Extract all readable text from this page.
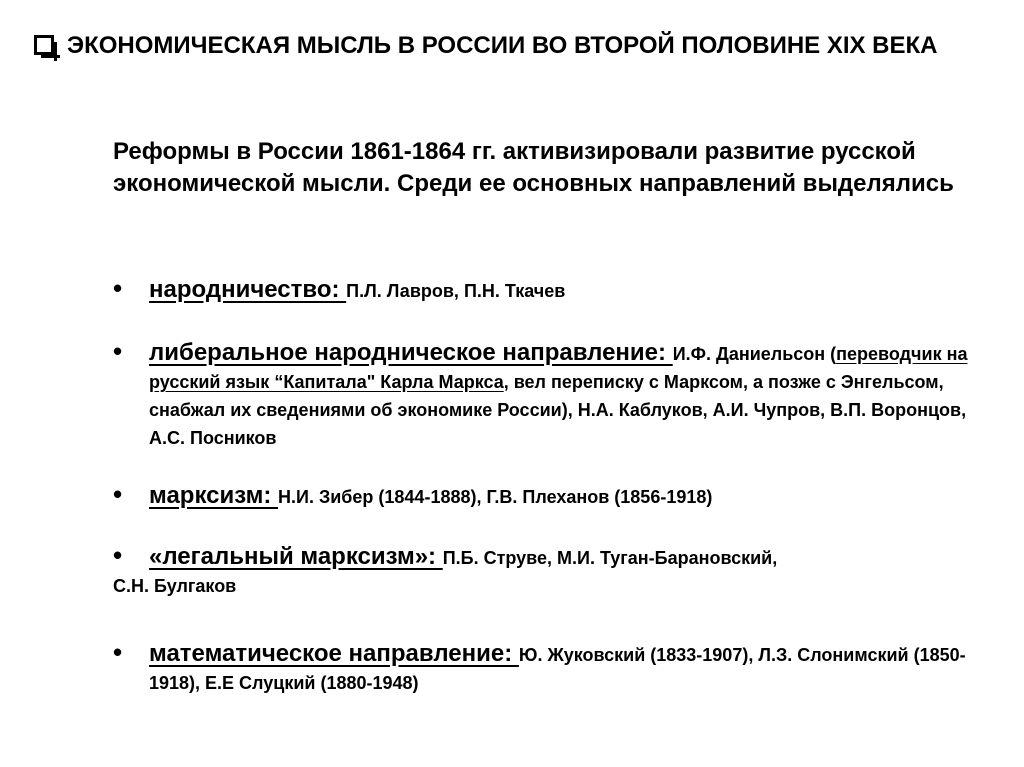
ЭКОНОМИЧЕСКАЯ МЫСЛЬ В РОССИИ ВО ВТОРОЙ ПОЛОВИНЕ XIX ВЕКА

Реформы в России 1861-1864 гг. активизировали развитие русской экономической мысли. Среди ее основных направлений выделялись

• народничество: П.Л. Лавров, П.Н. Ткачев
• либеральное народническое направление: И.Ф. Даниельсон (переводчик на русский язык “Капитала" Карла Маркса, вел переписку с Марксом, а позже с Энгельсом, снабжал их сведениями об экономике России), Н.А. Каблуков, А.И. Чупров, В.П. Воронцов, А.С. Посников
• марксизм: Н.И. Зибер (1844-1888), Г.В. Плеханов (1856-1918)
• «легальный марксизм»: П.Б. Струве, М.И. Туган-Барановский,
С.Н. Булгаков
• математическое направление: Ю. Жуковский (1833-1907), Л.З. Слонимский (1850-1918), Е.Е Слуцкий (1880-1948)
